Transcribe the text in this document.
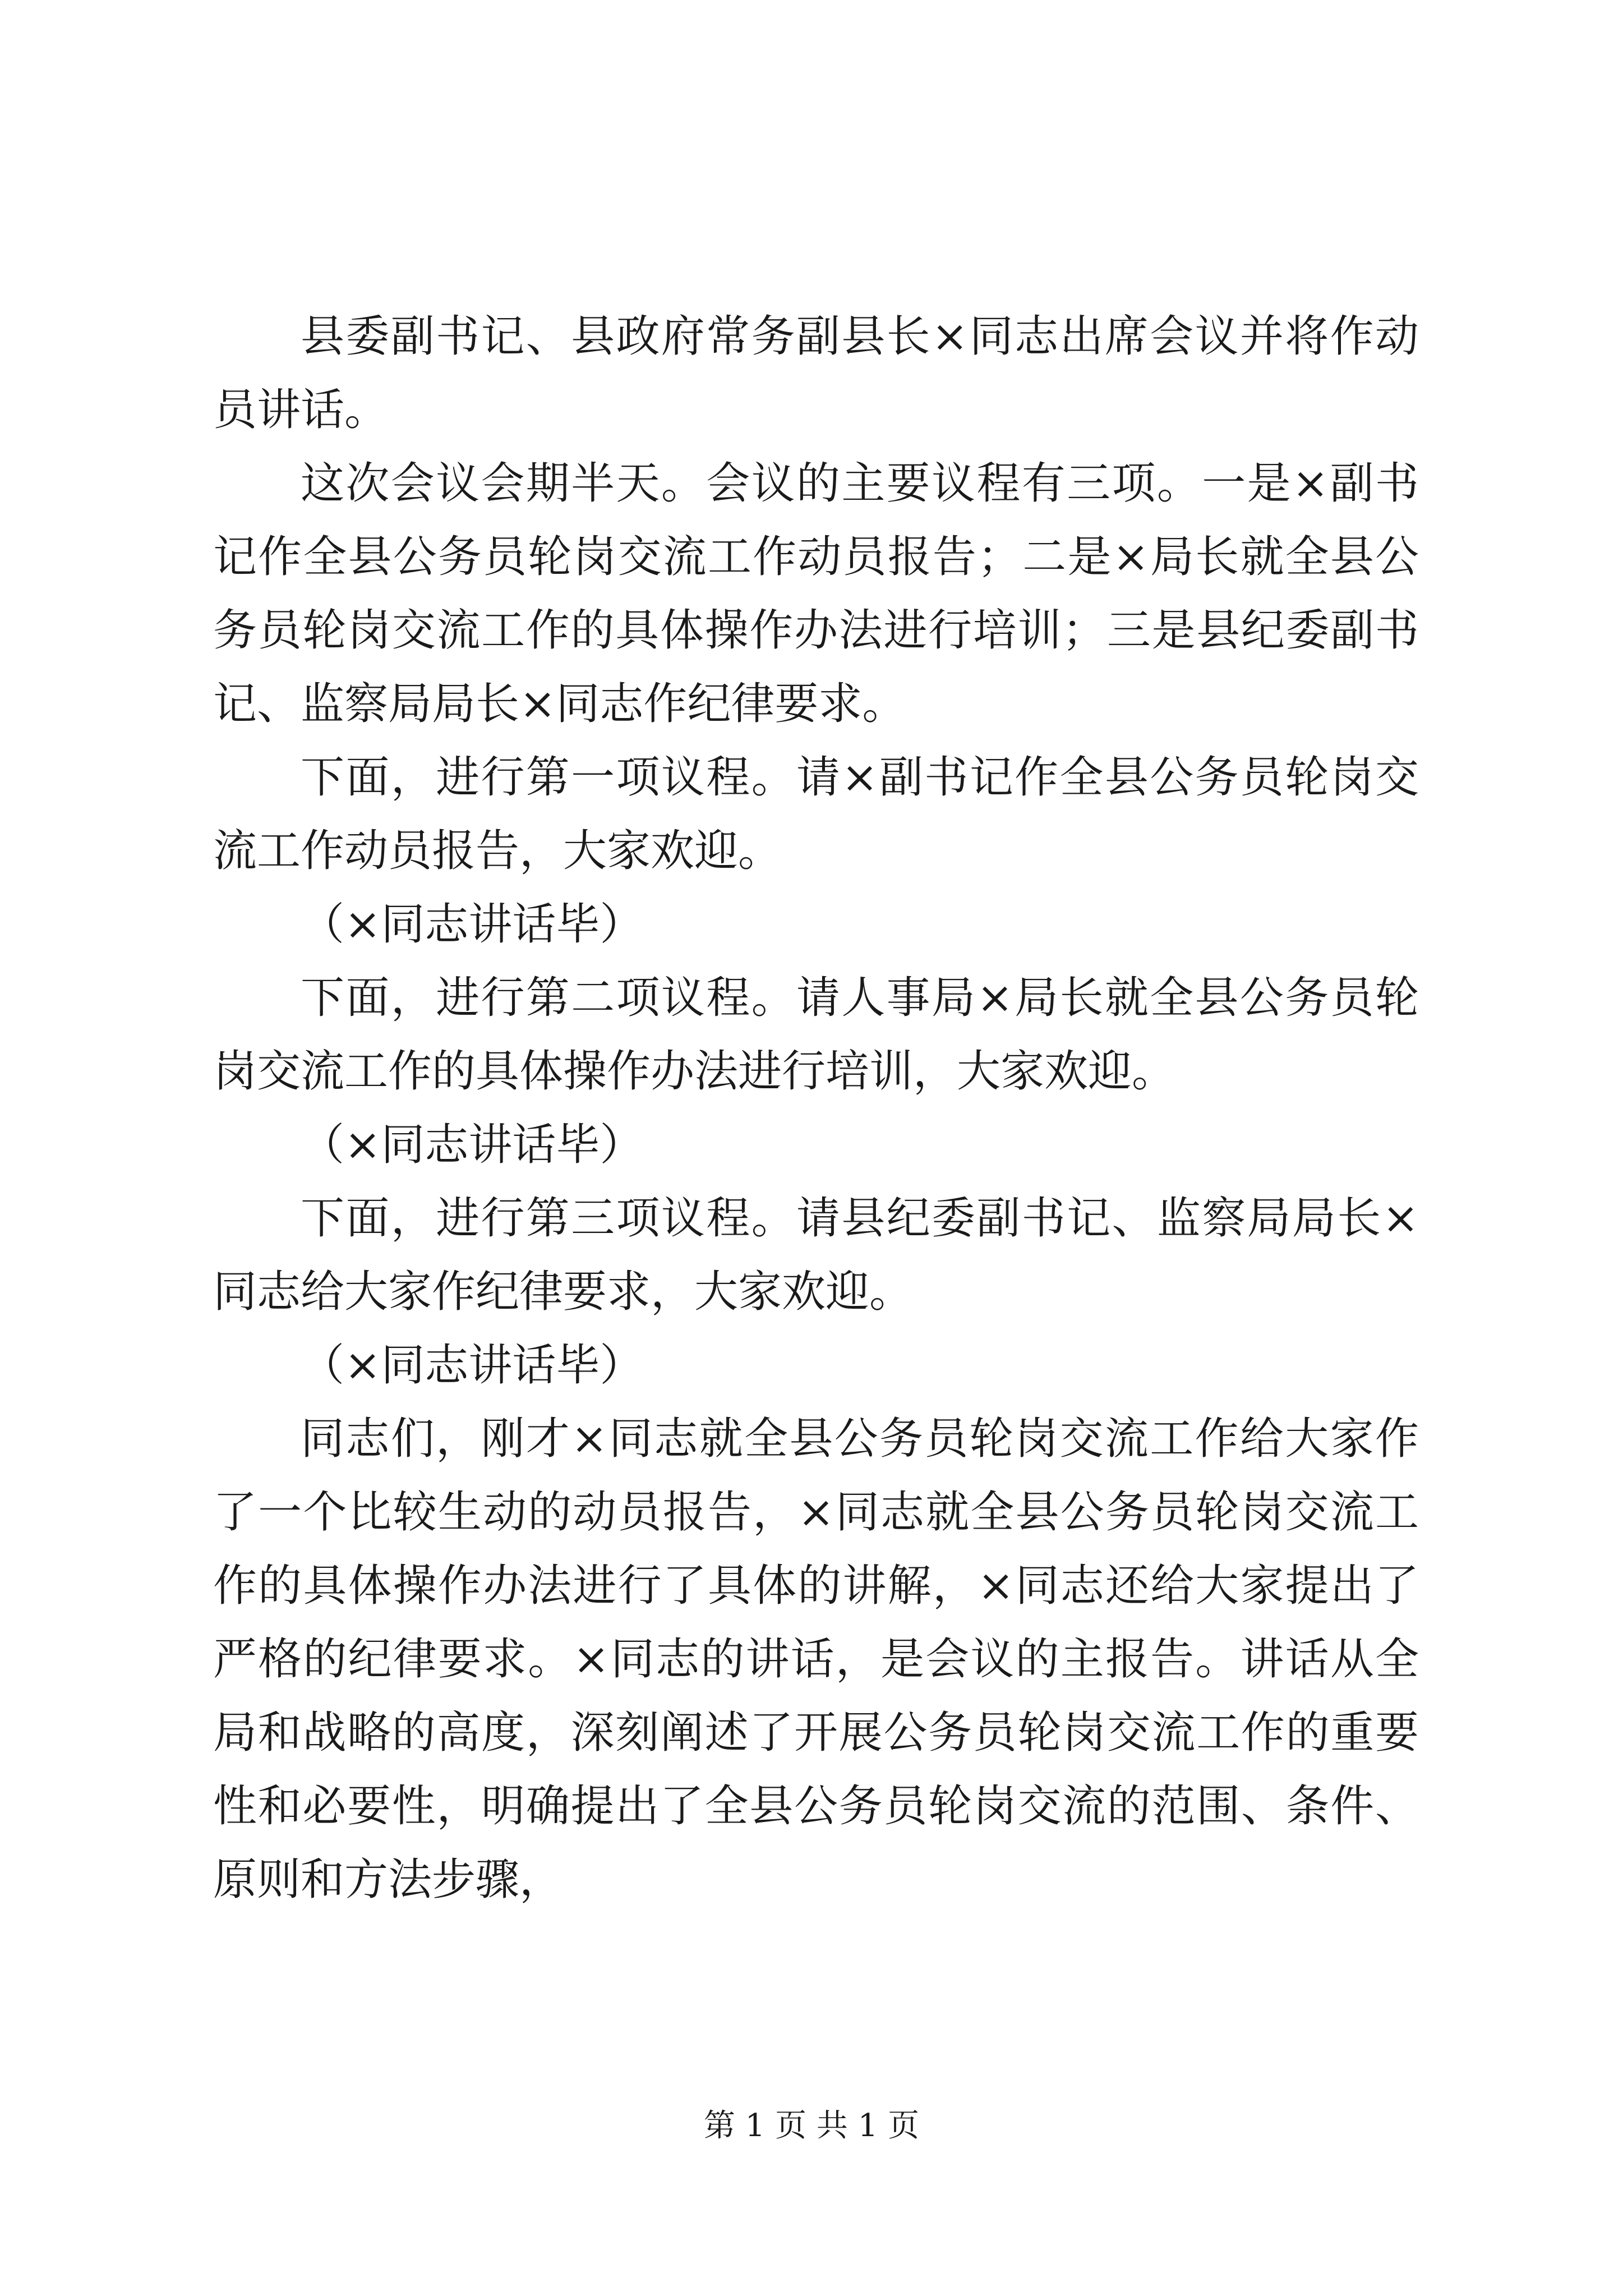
县委副书记、县政府常务副县长×同志出席会议并将作动员讲话。

这次会议会期半天。会议的主要议程有三项。一是×副书记作全县公务员轮岗交流工作动员报告；二是×局长就全县公务员轮岗交流工作的具体操作办法进行培训；三是县纪委副书记、监察局局长×同志作纪律要求。

下面，进行第一项议程。请×副书记作全县公务员轮岗交流工作动员报告，大家欢迎。

（×同志讲话毕）

下面，进行第二项议程。请人事局×局长就全县公务员轮岗交流工作的具体操作办法进行培训，大家欢迎。

（×同志讲话毕）

下面，进行第三项议程。请县纪委副书记、监察局局长×同志给大家作纪律要求，大家欢迎。

（×同志讲话毕）

同志们，刚才×同志就全县公务员轮岗交流工作给大家作了一个比较生动的动员报告，×同志就全县公务员轮岗交流工作的具体操作办法进行了具体的讲解，×同志还给大家提出了严格的纪律要求。×同志的讲话，是会议的主报告。讲话从全局和战略的高度，深刻阐述了开展公务员轮岗交流工作的重要性和必要性，明确提出了全县公务员轮岗交流的范围、条件、原则和方法步骤，

第 1 页 共 1 页
